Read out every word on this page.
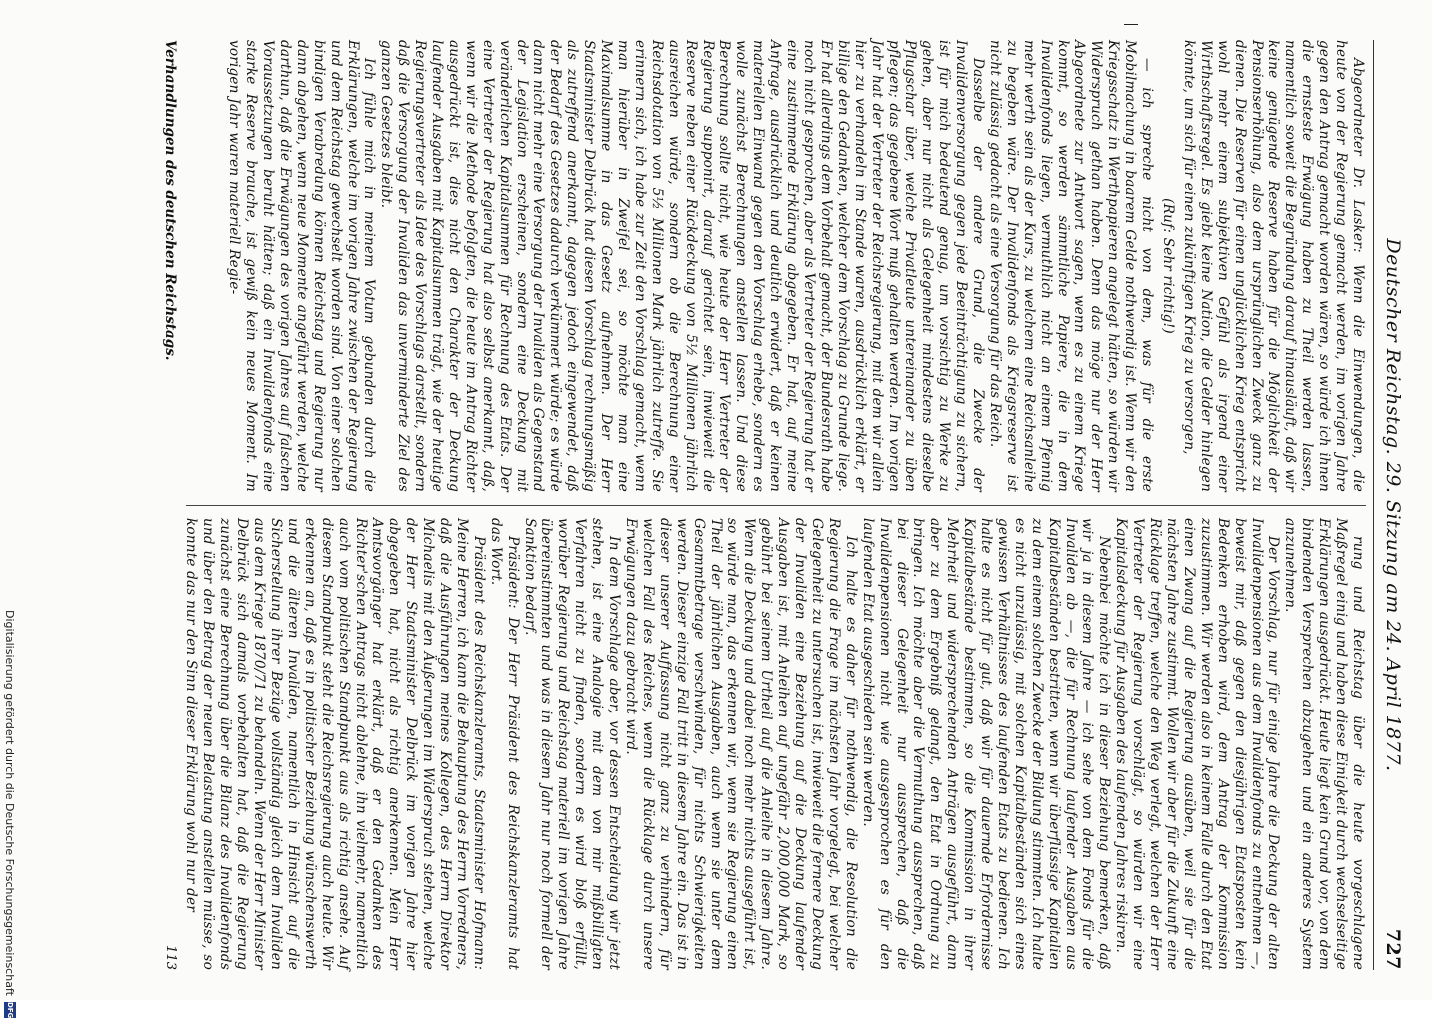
Deutscher Reichstag. 29. Sitzung am 24. April 1877.
727

Abgeordneter Dr. Lasker: Wenn die Einwendungen, die heute von der Regierung gemacht werden, im vorigen Jahre gegen den Antrag gemacht worden wären, so würde ich ihnen die ernsteste Erwägung haben zu Theil werden lassen, namentlich soweit die Begründung darauf hinausläuft, daß wir keine genügende Reserve haben für die Möglichkeit der Pensionserhöhung, also dem ursprünglichen Zweck ganz zu dienen. Die Reserven für einen unglücklichen Krieg entspricht wohl mehr einem subjektiven Gefühl als irgend einer Wirthschaftsregel. Es giebt keine Nation, die Gelder hinlegen könnte, um sich für einen zukünftigen Krieg zu versorgen,

(Ruf: Sehr richtig!)

— ich spreche nicht von dem, was für die erste Mobilmachung in baarem Gelde nothwendig ist. Wenn wir den Kriegsschatz in Werthpapieren angelegt hätten, so würden wir Widerspruch gethan haben. Denn das möge nur der Herr Abgeordnete zur Antwort sagen, wenn es zu einem Kriege kommt, so werden sämmtliche Papiere, die in dem Invalidenfonds liegen, vermuthlich nicht an einem Pfennig mehr werth sein als der Kurs, zu welchem eine Reichsanleihe zu begeben wäre. Der Invalidenfonds als Kriegsreserve ist nicht zulässig gedacht als eine Versorgung für das Reich.

Dasselbe der andere Grund, die Zwecke der Invalidenversorgung gegen jede Beeinträchtigung zu sichern, ist für mich bedeutend genug, um vorsichtig zu Werke zu gehen, aber nur nicht als Gelegenheit mindestens dieselbe Pflugschar über, welche Privatleute untereinander zu üben pflegen; das gegebene Wort muß gehalten werden. Im vorigen Jahr hat der Vertreter der Reichsregierung, mit dem wir allein hier zu verhandeln im Stande waren, ausdrücklich erklärt, er billige den Gedanken, welcher dem Vorschlag zu Grunde liege. Er hat allerdings dem Vorbehalt gemacht, der Bundesrath habe noch nicht gesprochen, aber als Vertreter der Regierung hat er eine zustimmende Erklärung abgegeben. Er hat, auf meine Anfrage, ausdrücklich und deutlich erwidert, daß er keinen materiellen Einwand gegen den Vorschlag erhebe, sondern es wolle zunächst Berechnungen anstellen lassen. Und diese Berechnung sollte nicht, wie heute der Herr Vertreter der Regierung supponirt, darauf gerichtet sein, inwieweit die Reserve neben einer Rückdeckung von 5½ Millionen jährlich ausreichen würde, sondern ob die Berechnung einer Reichsdotation von 5½ Millionen Mark jährlich zutreffe. Sie erinnern sich, ich habe zur Zeit den Vorschlag gemacht, wenn man hierüber in Zweifel sei, so möchte man eine Maximalsumme in das Gesetz aufnehmen. Der Herr Staatsminister Delbrück hat diesen Vorschlag rechnungsmäßig als zutreffend anerkannt, dagegen jedoch eingewendet, daß der Bedarf des Gesetzes dadurch verkümmert würde; es würde dann nicht mehr eine Versorgung der Invaliden als Gegenstand der Legislation erscheinen, sondern eine Deckung mit veränderlichen Kapitalsummen für Rechnung des Etats. Der eine Vertreter der Regierung hat also selbst anerkannt, daß, wenn wir die Methode befolgten, die heute im Antrag Richter ausgedrückt ist, dies nicht den Charakter der Deckung laufender Ausgaben mit Kapitalsummen trägt, wie der heutige Regierungsvertreter als Idee des Vorschlags darstellt, sondern daß die Versorgung der Invaliden das unverminderte Ziel des ganzen Gesetzes bleibt.

Ich fühle mich in meinem Votum gebunden durch die Erklärungen, welche im vorigen Jahre zwischen der Regierung und dem Reichstag gewechselt worden sind. Von einer solchen bindigen Verabredung können Reichstag und Regierung nur dann abgehen, wenn neue Momente angeführt werden, welche darthun, daß die Erwägungen des vorigen Jahres auf falschen Voraussetzungen beruht hätten; daß ein Invalidenfonds eine starke Reserve brauche, ist gewiß kein neues Moment. Im vorigen Jahr waren materiell Regie-

rung und Reichstag über die heute vorgeschlagene Maßregel einig und haben diese Einigkeit durch wechselseitige Erklärungen ausgedrückt. Heute liegt kein Grund vor, von dem bindenden Versprechen abzugehen und ein anderes System anzunehmen.

Der Vorschlag, nur für einige Jahre die Deckung der alten Invalidenpensionen aus dem Invalidenfonds zu entnehmen —, beweist mir, daß gegen den diesjährigen Etatsposten kein Bedenken erhoben wird, dem Antrag der Kommission zuzustimmen. Wir werden also in keinem Falle durch den Etat einen Zwang auf die Regierung ausüben, weil sie für die nächsten Jahre zustimmt. Wollen wir aber für die Zukunft eine Rücklage treffen, welche den Weg verlegt, welchen der Herr Vertreter der Regierung vorschlägt, so würden wir eine Kapitalsdeckung für Ausgaben des laufenden Jahres riskiren.

Nebenbei möchte ich in dieser Beziehung bemerken, daß wir ja in diesem Jahre — ich sehe von dem Fonds für die Invaliden ab —, die für Rechnung laufender Ausgaben aus Kapitalbeständen bestritten, wenn wir überflüssige Kapitalien zu dem einem solchen Zwecke der Bildung stimmten. Ich halte es nicht unzulässig, mit solchen Kapitalbeständen sich eines gewissen Verhältnisses des laufenden Etats zu bedienen. Ich halte es nicht für gut, daß wir für dauernde Erfordernisse Kapitalbestände bestimmen, so die Kommission in ihrer Mehrheit und widersprechenden Anträgen ausgeführt, dann aber zu dem Ergebniß gelangt, den Etat in Ordnung zu bringen. Ich möchte aber die Vermuthung aussprechen, daß bei dieser Gelegenheit nur aussprechen, daß die Invalidenpensionen nicht wie ausgesprochen es für den laufenden Etat ausgeschieden sein werden.

Ich halte es daher für nothwendig, die Resolution die Regierung die Frage im nächsten Jahr vorgelegt, bei welcher Gelegenheit zu untersuchen ist, inwieweit die fernere Deckung der Invaliden eine Beziehung auf die Deckung laufender Ausgaben ist, mit Anleihen auf ungefähr 2,000,000 Mark, so gebührt bei seinem Urtheil auf die Anleihe in diesem Jahre. Wenn die Deckung und dabei noch mehr nichts ausgeführt ist, so würde man, das erkennen wir, wenn sie Regierung einen Theil der jährlichen Ausgaben, auch wenn sie unter dem Gesammtbetrage verschwinden, für nichts Schwierigkeiten werden. Dieser einzige Fall tritt in diesem Jahre ein. Das ist in dieser unserer Auffassung nicht ganz zu verhindern, für welchen Fall des Reiches, wenn die Rücklage durch unsere Erwägungen dazu gebracht wird.

In dem Vorschlage aber, vor dessen Entscheidung wir jetzt stehen, ist eine Analogie mit dem von mir mißbilligten Verfahren nicht zu finden, sondern es wird bloß erfüllt, worüber Regierung und Reichstag materiell im vorigen Jahre übereinstimmten und was in diesem Jahr nur noch formell der Sanktion bedarf.

Präsident: Der Herr Präsident des Reichskanzleramts hat das Wort.

Präsident des Reichskanzleramts, Staatsminister Hofmann: Meine Herren, ich kann die Behauptung des Herrn Vorredners, daß die Ausführungen meines Kollegen, des Herrn Direktor Michaelis mit den Äußerungen im Widerspruch stehen, welche der Herr Staatsminister Delbrück im vorigen Jahre hier abgegeben hat, nicht als richtig anerkennen. Mein Herr Amtsvorgänger hat erklärt, daß er den Gedanken des Richter'schen Antrags nicht ablehne, ihn vielmehr, namentlich auch vom politischen Standpunkt aus als richtig ansehe. Auf diesem Standpunkt steht die Reichsregierung auch heute. Wir erkennen an, daß es in politischer Beziehung wünschenswerth und die älteren Invaliden, namentlich in Hinsicht auf die Sicherstellung ihrer Bezüge vollständig gleich dem Invaliden aus dem Kriege 1870/71 zu behandeln. Wenn der Herr Minister Delbrück sich damals vorbehalten hat, daß die Regierung zunächst eine Berechnung über die Bilanz des Invalidenfonds und über den Betrag der neuen Belastung anstellen müsse, so konnte das nur den Sinn dieser Erklärung wohl nur der

Verhandlungen des deutschen Reichstags.
113
Digitalisierung gefördert durch die Deutsche Forschungsgemeinschaft
DFG
